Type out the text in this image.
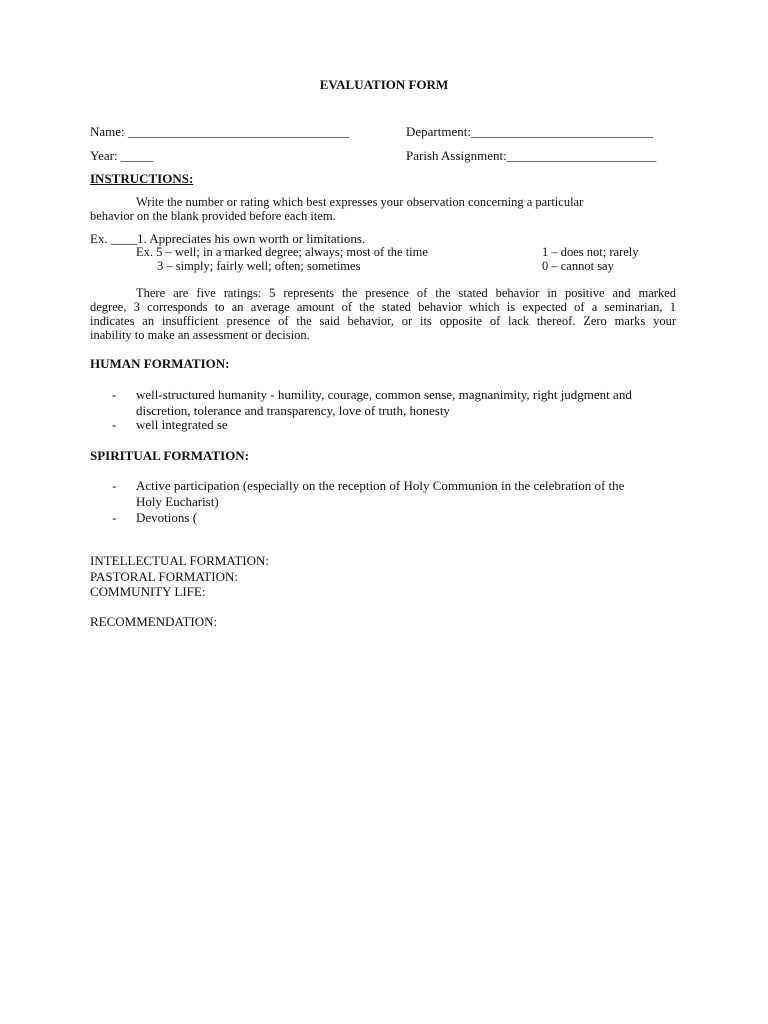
EVALUATION FORM
Name: __________________________________	Department:____________________________
Year: _____	Parish Assignment:_______________________
INSTRUCTIONS:
Write the number or rating which best expresses your observation concerning a particular
behavior on the blank provided before each item.
Ex. ____1. Appreciates his own worth or limitations.
Ex. 5 – well; in a marked degree; always; most of the time	1 – does not; rarely
3 – simply; fairly well; often; sometimes	0 – cannot say
There are five ratings: 5 represents the presence of the stated behavior in positive and marked
degree, 3 corresponds to an average amount of the stated behavior which is expected of a seminarian, 1
indicates an insufficient presence of the said behavior, or its opposite of lack thereof. Zero marks your
inability to make an assessment or decision.
HUMAN FORMATION:
- well-structured humanity - humility, courage, common sense, magnanimity, right judgment and
discretion, tolerance and transparency, love of truth, honesty
- well integrated se
SPIRITUAL FORMATION:
- Active participation (especially on the reception of Holy Communion in the celebration of the
Holy Eucharist)
- Devotions (
INTELLECTUAL FORMATION:
PASTORAL FORMATION:
COMMUNITY LIFE:
RECOMMENDATION:
